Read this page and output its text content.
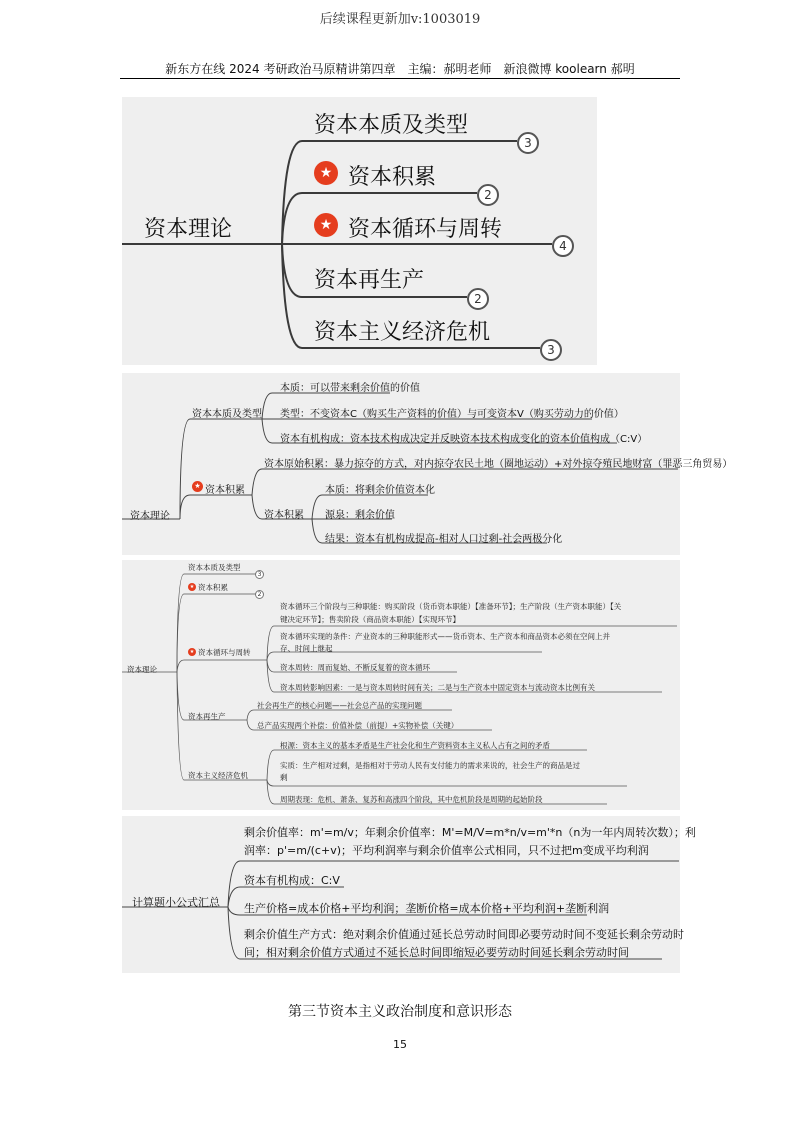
后续课程更新加v:1003019
新东方在线 2024 考研政治马原精讲第四章　主编：郝明老师　新浪微博 koolearn 郝明
资本理论
资本本质及类型
3
★ 资本积累
2
★ 资本循环与周转
4
资本再生产
2
资本主义经济危机
3
资本理论
资本本质及类型
本质：可以带来剩余价值的价值
类型：不变资本C（购买生产资料的价值）与可变资本V（购买劳动力的价值）
资本有机构成：资本技术构成决定并反映资本技术构成变化的资本价值构成（C:V）
★ 资本积累
资本原始积累：暴力掠夺的方式，对内掠夺农民土地（圈地运动）+对外掠夺殖民地财富（罪恶三角贸易）
资本积累
本质：将剩余价值资本化
源泉：剩余价值
结果：资本有机构成提高-相对人口过剩-社会两极分化
资本理论
资本本质及类型
3
★ 资本积累
2
★ 资本循环与周转
资本循环三个阶段与三种职能：购买阶段（货币资本职能）【准备环节】；生产阶段（生产资本职能）【关
键决定环节】；售卖阶段（商品资本职能）【实现环节】
资本循环实现的条件：产业资本的三种职能形式——货币资本、生产资本和商品资本必须在空间上并
存、时间上继起
资本周转：周而复始、不断反复着的资本循环
资本周转影响因素：一是与资本周转时间有关；二是与生产资本中固定资本与流动资本比例有关
资本再生产
社会再生产的核心问题——社会总产品的实现问题
总产品实现两个补偿：价值补偿（前提）+实物补偿（关键）
资本主义经济危机
根源：资本主义的基本矛盾是生产社会化和生产资料资本主义私人占有之间的矛盾
实质：生产相对过剩，是指相对于劳动人民有支付能力的需求来说的，社会生产的商品是过
剩
周期表现：危机、萧条、复苏和高涨四个阶段，其中危机阶段是周期的起始阶段
计算题小公式汇总
剩余价值率：m'=m/v；年剩余价值率：M'=M/V=m*n/v=m'*n（n为一年内周转次数）；利
润率：p'=m/(c+v)；平均利润率与剩余价值率公式相同，只不过把m变成平均利润
资本有机构成：C:V
生产价格=成本价格+平均利润；垄断价格=成本价格+平均利润+垄断利润
剩余价值生产方式：绝对剩余价值通过延长总劳动时间即必要劳动时间不变延长剩余劳动时
间；相对剩余价值方式通过不延长总时间即缩短必要劳动时间延长剩余劳动时间
第三节资本主义政治制度和意识形态
15
